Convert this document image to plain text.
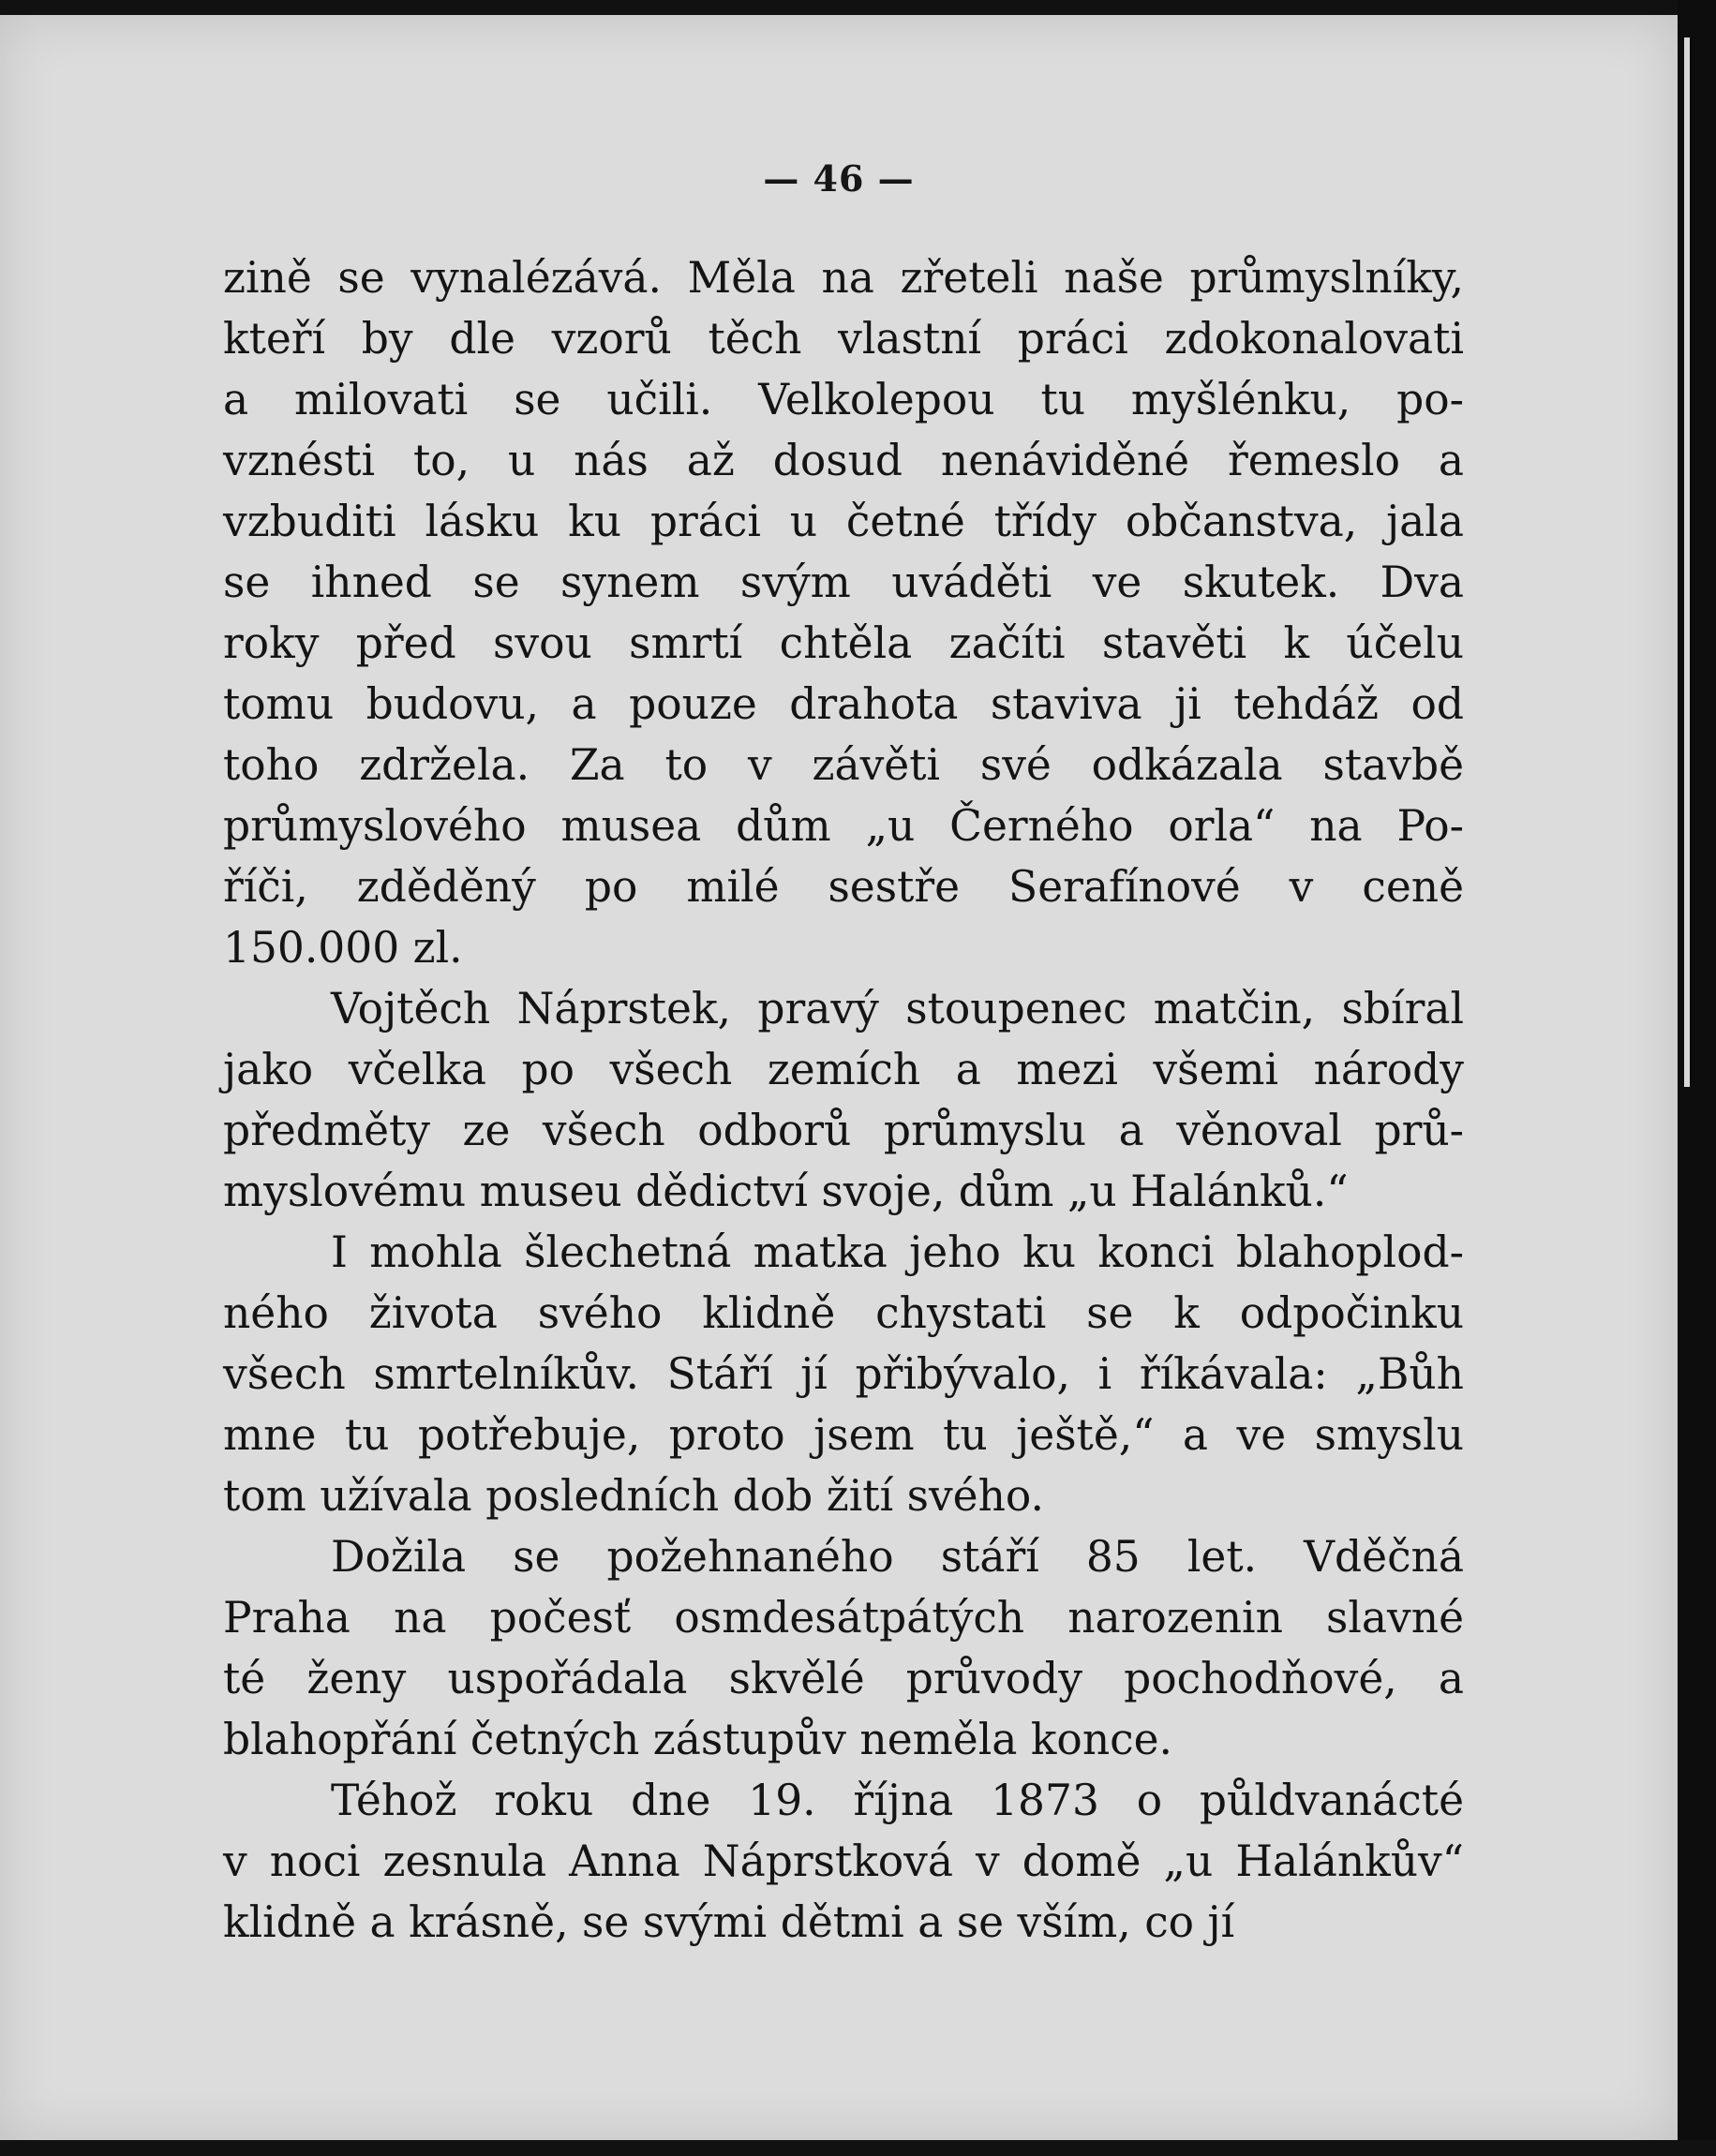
— 46 —
zině se vynalézává. Měla na zřeteli naše průmyslníky,
kteří by dle vzorů těch vlastní práci zdokonalovati
a milovati se učili. Velkolepou tu myšlénku, po-
vznésti to, u nás až dosud nenáviděné řemeslo a
vzbuditi lásku ku práci u četné třídy občanstva, jala
se ihned se synem svým uváděti ve skutek. Dva
roky před svou smrtí chtěla začíti stavěti k účelu
tomu budovu, a pouze drahota staviva ji tehdáž od
toho zdržela. Za to v závěti své odkázala stavbě
průmyslového musea dům „u Černého orla“ na Po-
říči, zděděný po milé sestře Serafínové v ceně
150.000 zl.
Vojtěch Náprstek, pravý stoupenec matčin, sbíral
jako včelka po všech zemích a mezi všemi národy
předměty ze všech odborů průmyslu a věnoval prů-
myslovému museu dědictví svoje, dům „u Halánků.“
I mohla šlechetná matka jeho ku konci blahoplod-
ného života svého klidně chystati se k odpočinku
všech smrtelníkův. Stáří jí přibývalo, i říkávala: „Bůh
mne tu potřebuje, proto jsem tu ještě,“ a ve smyslu
tom užívala posledních dob žití svého.
Dožila se požehnaného stáří 85 let. Vděčná
Praha na počesť osmdesátpátých narozenin slavné
té ženy uspořádala skvělé průvody pochodňové, a
blahopřání četných zástupův neměla konce.
Téhož roku dne 19. října 1873 o půldvanácté
v noci zesnula Anna Náprstková v domě „u Halánkův“
klidně a krásně, se svými dětmi a se vším, co jí
